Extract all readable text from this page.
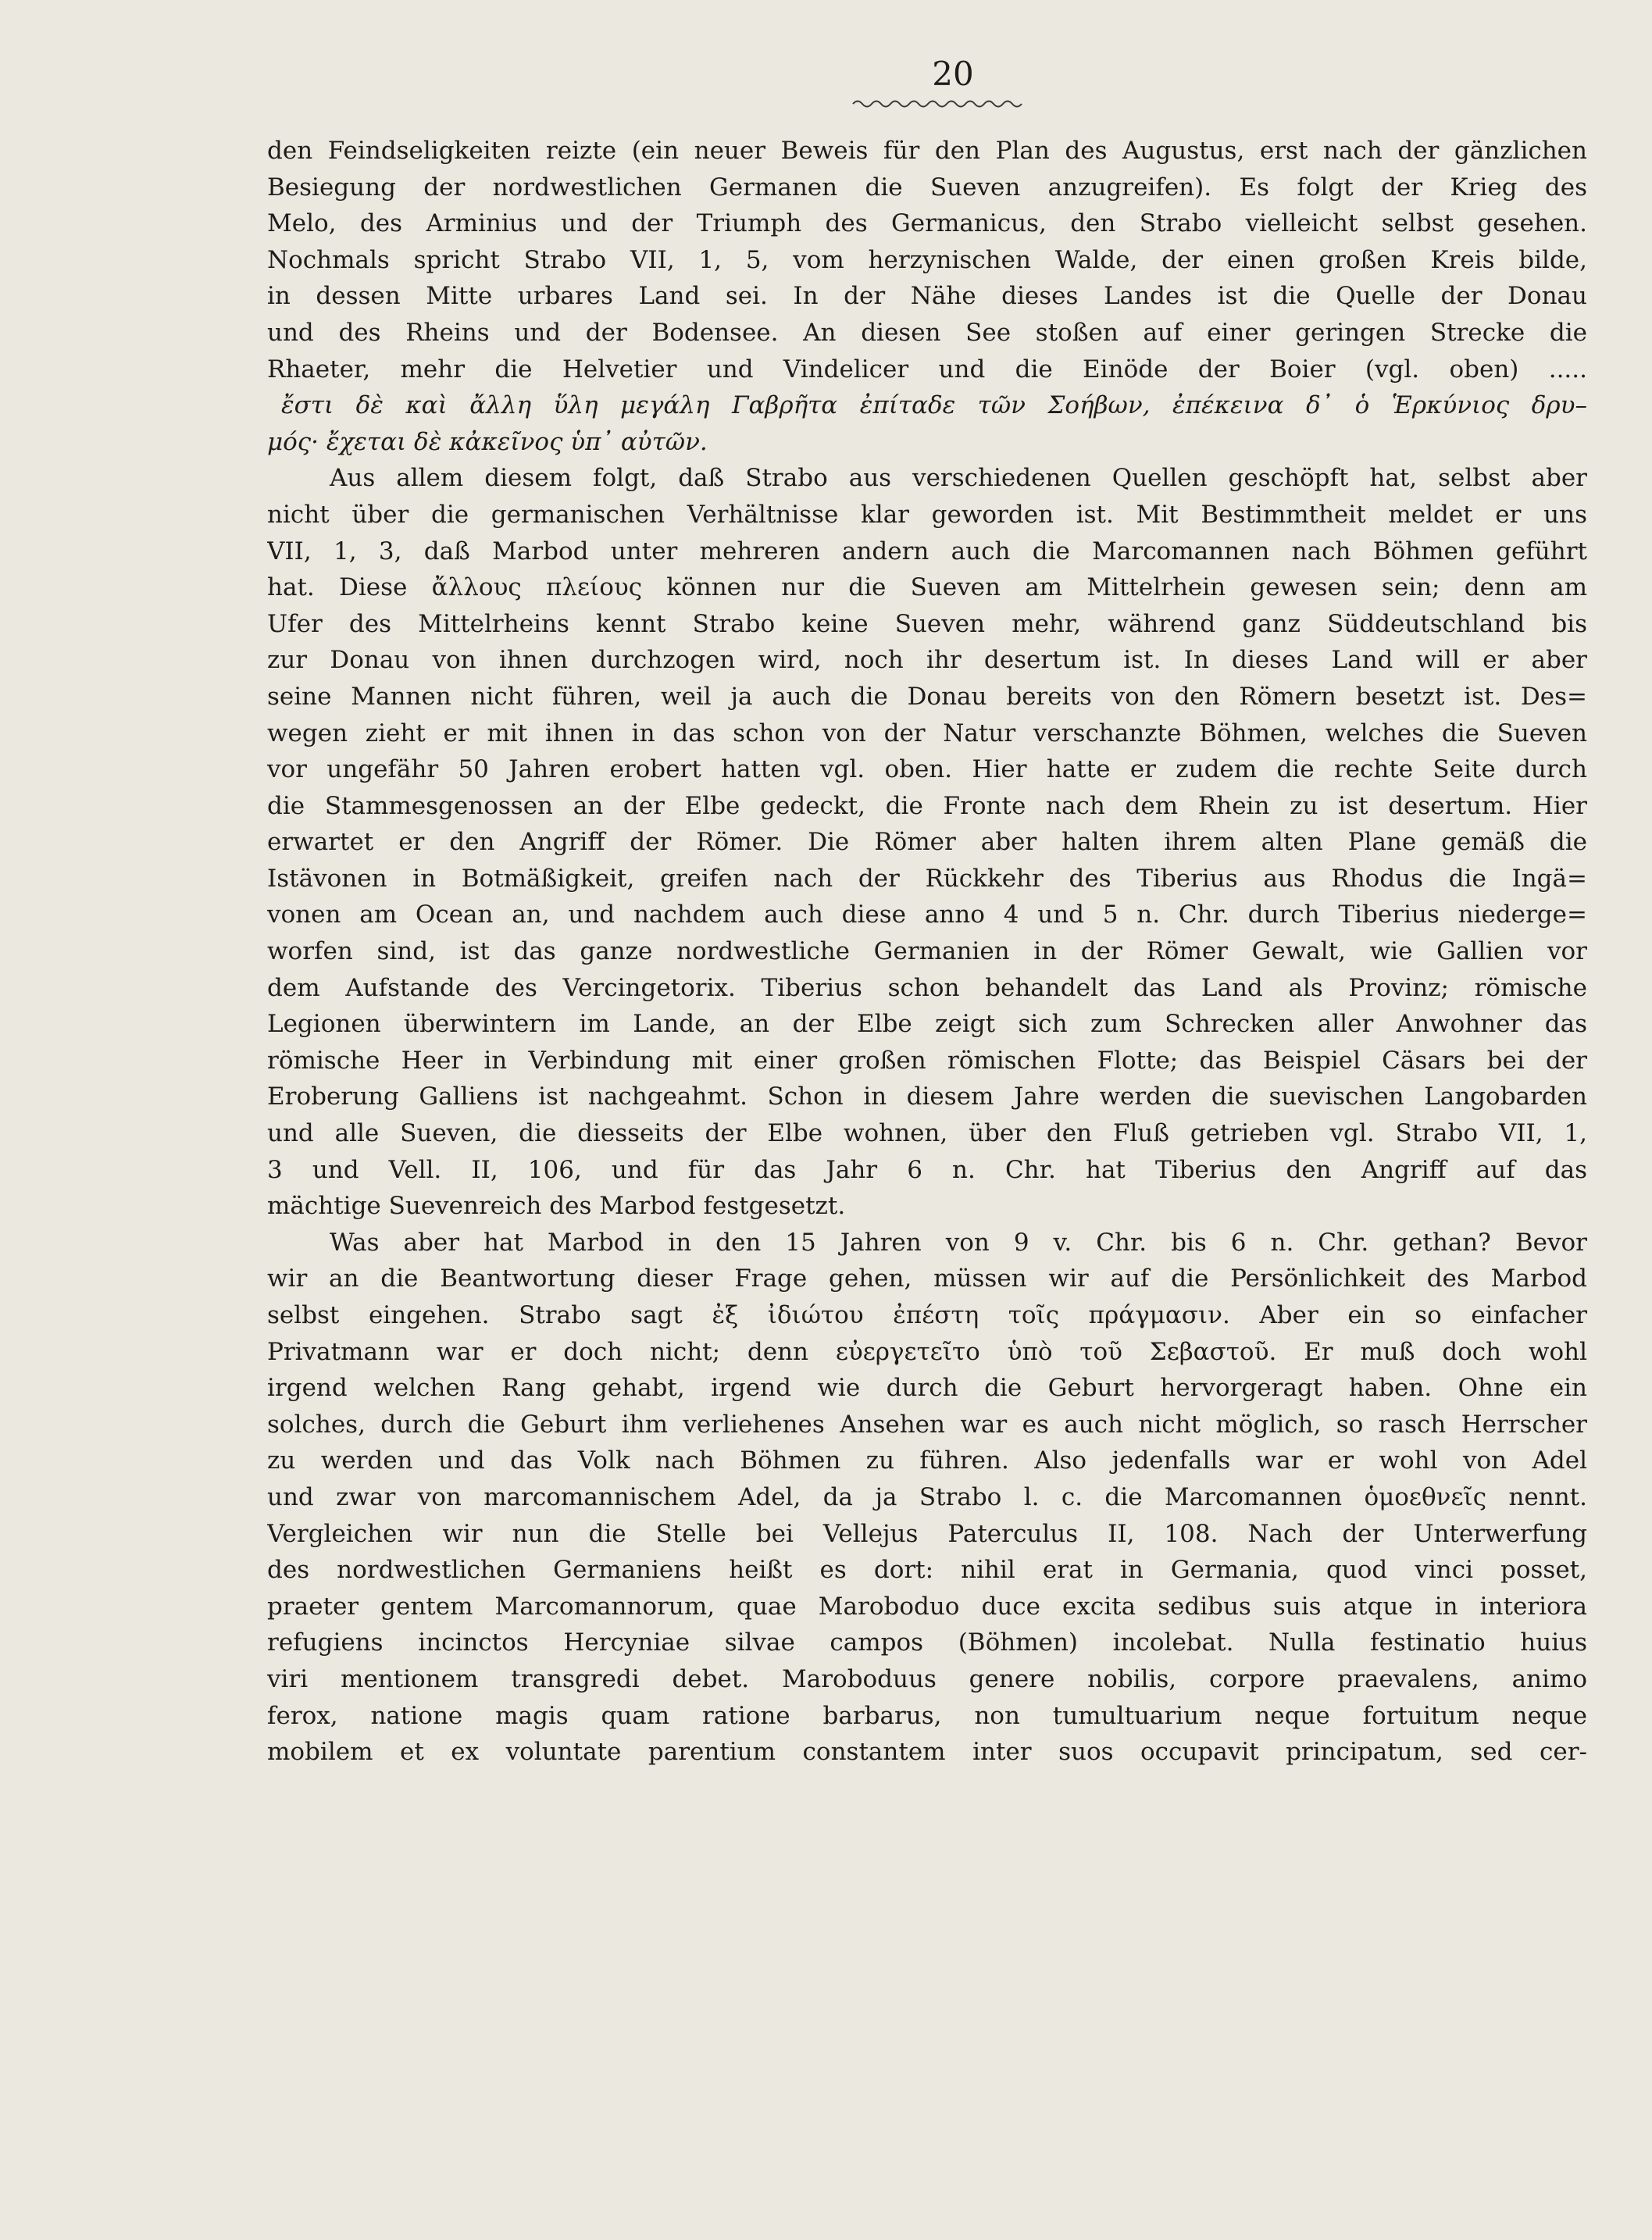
20
den Feindseligkeiten reizte (ein neuer Beweis für den Plan des Augustus, erst nach der gänzlichen
Besiegung der nordwestlichen Germanen die Sueven anzugreifen). Es folgt der Krieg des
Melo, des Arminius und der Triumph des Germanicus, den Strabo vielleicht selbst gesehen.
Nochmals spricht Strabo VII, 1, 5, vom herzynischen Walde, der einen großen Kreis bilde,
in dessen Mitte urbares Land sei. In der Nähe dieses Landes ist die Quelle der Donau
und des Rheins und der Bodensee. An diesen See stoßen auf einer geringen Strecke die
Rhaeter, mehr die Helvetier und Vindelicer und die Einöde der Boier (vgl. oben) .....
ἔστι δὲ καὶ ἄλλη ὕλη μεγάλη Γαβρῆτα ἐπίταδε τῶν Σοήβων, ἐπέκεινα δ᾽ ὁ Ἑρκύνιος δρυ–
μός· ἔχεται δὲ κἀκεῖνος ὑπ᾽ αὐτῶν.
Aus allem diesem folgt, daß Strabo aus verschiedenen Quellen geschöpft hat, selbst aber
nicht über die germanischen Verhältnisse klar geworden ist. Mit Bestimmtheit meldet er uns
VII, 1, 3, daß Marbod unter mehreren andern auch die Marcomannen nach Böhmen geführt
hat. Diese ἄλλους πλείους können nur die Sueven am Mittelrhein gewesen sein; denn am
Ufer des Mittelrheins kennt Strabo keine Sueven mehr, während ganz Süddeutschland bis
zur Donau von ihnen durchzogen wird, noch ihr desertum ist. In dieses Land will er aber
seine Mannen nicht führen, weil ja auch die Donau bereits von den Römern besetzt ist. Des=
wegen zieht er mit ihnen in das schon von der Natur verschanzte Böhmen, welches die Sueven
vor ungefähr 50 Jahren erobert hatten vgl. oben. Hier hatte er zudem die rechte Seite durch
die Stammesgenossen an der Elbe gedeckt, die Fronte nach dem Rhein zu ist desertum. Hier
erwartet er den Angriff der Römer. Die Römer aber halten ihrem alten Plane gemäß die
Istävonen in Botmäßigkeit, greifen nach der Rückkehr des Tiberius aus Rhodus die Ingä=
vonen am Ocean an, und nachdem auch diese anno 4 und 5 n. Chr. durch Tiberius niederge=
worfen sind, ist das ganze nordwestliche Germanien in der Römer Gewalt, wie Gallien vor
dem Aufstande des Vercingetorix. Tiberius schon behandelt das Land als Provinz; römische
Legionen überwintern im Lande, an der Elbe zeigt sich zum Schrecken aller Anwohner das
römische Heer in Verbindung mit einer großen römischen Flotte; das Beispiel Cäsars bei der
Eroberung Galliens ist nachgeahmt. Schon in diesem Jahre werden die suevischen Langobarden
und alle Sueven, die diesseits der Elbe wohnen, über den Fluß getrieben vgl. Strabo VII, 1,
3 und Vell. II, 106, und für das Jahr 6 n. Chr. hat Tiberius den Angriff auf das
mächtige Suevenreich des Marbod festgesetzt.
Was aber hat Marbod in den 15 Jahren von 9 v. Chr. bis 6 n. Chr. gethan? Bevor
wir an die Beantwortung dieser Frage gehen, müssen wir auf die Persönlichkeit des Marbod
selbst eingehen. Strabo sagt ἐξ ἰδιώτου ἐπέστη τοῖς πράγμασιν. Aber ein so einfacher
Privatmann war er doch nicht; denn εὐεργετεῖτο ὑπὸ τοῦ Σεβαστοῦ. Er muß doch wohl
irgend welchen Rang gehabt, irgend wie durch die Geburt hervorgeragt haben. Ohne ein
solches, durch die Geburt ihm verliehenes Ansehen war es auch nicht möglich, so rasch Herrscher
zu werden und das Volk nach Böhmen zu führen. Also jedenfalls war er wohl von Adel
und zwar von marcomannischem Adel, da ja Strabo l. c. die Marcomannen ὁμοεθνεῖς nennt.
Vergleichen wir nun die Stelle bei Vellejus Paterculus II, 108. Nach der Unterwerfung
des nordwestlichen Germaniens heißt es dort: nihil erat in Germania, quod vinci posset,
praeter gentem Marcomannorum, quae Maroboduo duce excita sedibus suis atque in interiora
refugiens incinctos Hercyniae silvae campos (Böhmen) incolebat. Nulla festinatio huius
viri mentionem transgredi debet. Maroboduus genere nobilis, corpore praevalens, animo
ferox, natione magis quam ratione barbarus, non tumultuarium neque fortuitum neque
mobilem et ex voluntate parentium constantem inter suos occupavit principatum, sed cer-
